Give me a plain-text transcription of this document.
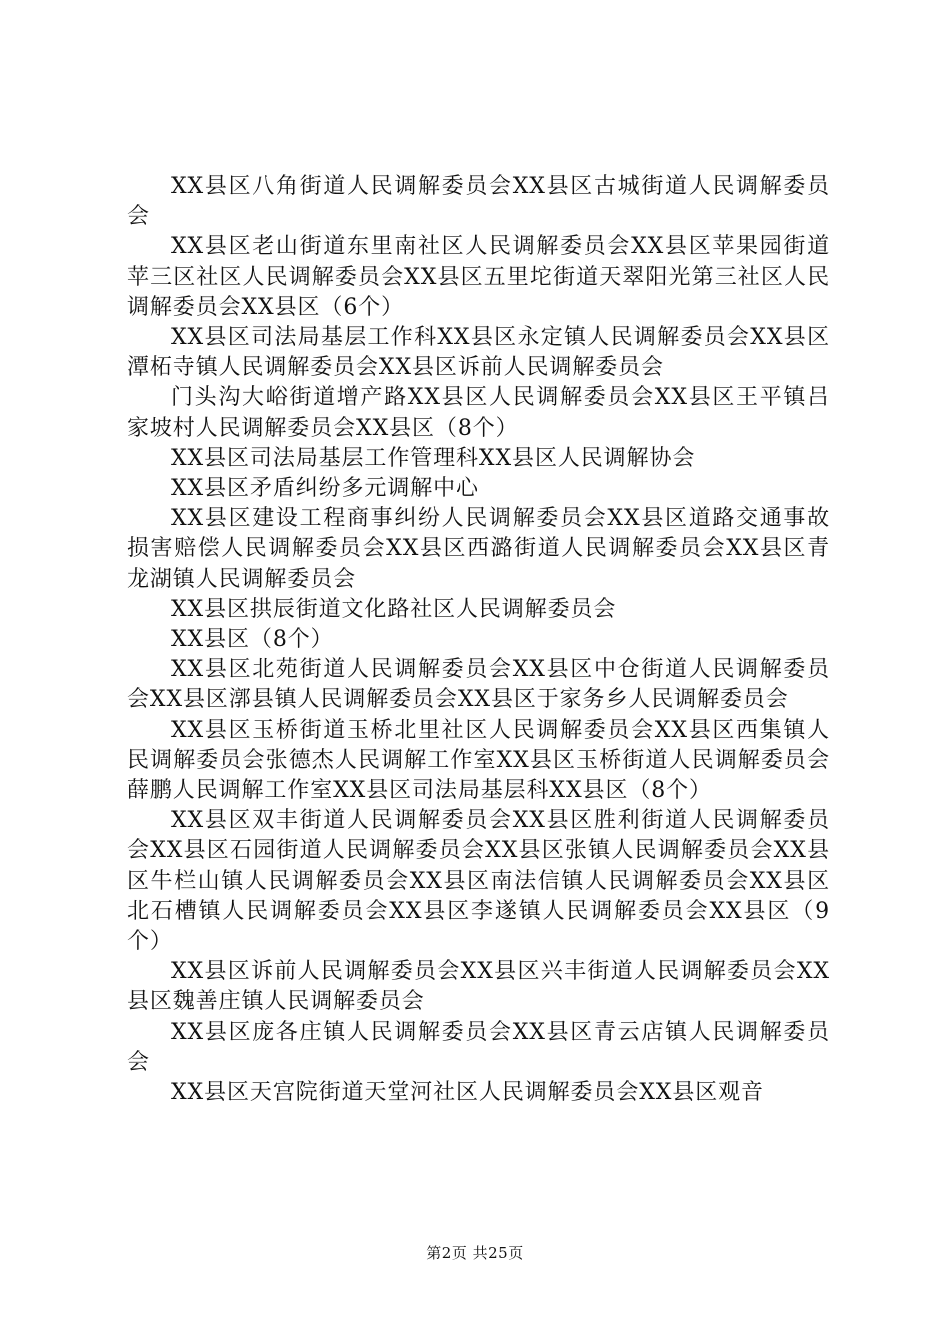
XX县区八角街道人民调解委员会XX县区古城街道人民调解委员会

XX县区老山街道东里南社区人民调解委员会XX县区苹果园街道苹三区社区人民调解委员会XX县区五里坨街道天翠阳光第三社区人民调解委员会XX县区（6个）

XX县区司法局基层工作科XX县区永定镇人民调解委员会XX县区潭柘寺镇人民调解委员会XX县区诉前人民调解委员会

门头沟大峪街道增产路XX县区人民调解委员会XX县区王平镇吕家坡村人民调解委员会XX县区（8个）

XX县区司法局基层工作管理科XX县区人民调解协会

XX县区矛盾纠纷多元调解中心

XX县区建设工程商事纠纷人民调解委员会XX县区道路交通事故损害赔偿人民调解委员会XX县区西潞街道人民调解委员会XX县区青龙湖镇人民调解委员会

XX县区拱辰街道文化路社区人民调解委员会

XX县区（8个）

XX县区北苑街道人民调解委员会XX县区中仓街道人民调解委员会XX县区漷县镇人民调解委员会XX县区于家务乡人民调解委员会

XX县区玉桥街道玉桥北里社区人民调解委员会XX县区西集镇人民调解委员会张德杰人民调解工作室XX县区玉桥街道人民调解委员会薛鹏人民调解工作室XX县区司法局基层科XX县区（8个）

XX县区双丰街道人民调解委员会XX县区胜利街道人民调解委员会XX县区石园街道人民调解委员会XX县区张镇人民调解委员会XX县区牛栏山镇人民调解委员会XX县区南法信镇人民调解委员会XX县区北石槽镇人民调解委员会XX县区李遂镇人民调解委员会XX县区（9个）

XX县区诉前人民调解委员会XX县区兴丰街道人民调解委员会XX县区魏善庄镇人民调解委员会

XX县区庞各庄镇人民调解委员会XX县区青云店镇人民调解委员会

XX县区天宫院街道天堂河社区人民调解委员会XX县区观音

第2页 共25页
